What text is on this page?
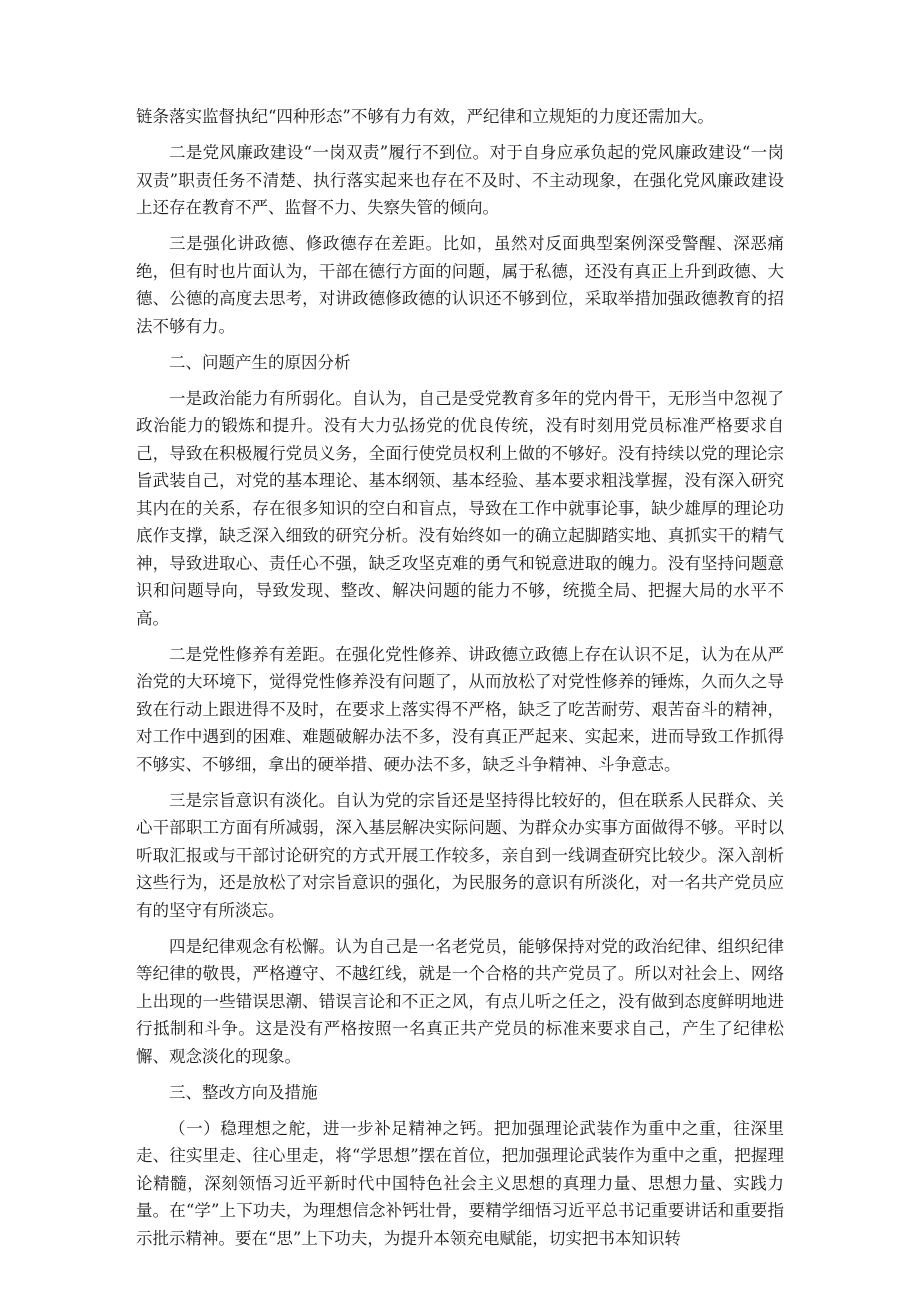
链条落实监督执纪“四种形态”不够有力有效，严纪律和立规矩的力度还需加大。

二是党风廉政建设“一岗双责”履行不到位。对于自身应承负起的党风廉政建设“一岗双责”职责任务不清楚、执行落实起来也存在不及时、不主动现象，在强化党风廉政建设上还存在教育不严、监督不力、失察失管的倾向。

三是强化讲政德、修政德存在差距。比如，虽然对反面典型案例深受警醒、深恶痛绝，但有时也片面认为，干部在德行方面的问题，属于私德，还没有真正上升到政德、大德、公德的高度去思考，对讲政德修政德的认识还不够到位，采取举措加强政德教育的招法不够有力。

二、问题产生的原因分析

一是政治能力有所弱化。自认为，自己是受党教育多年的党内骨干，无形当中忽视了政治能力的锻炼和提升。没有大力弘扬党的优良传统，没有时刻用党员标准严格要求自己，导致在积极履行党员义务，全面行使党员权利上做的不够好。没有持续以党的理论宗旨武装自己，对党的基本理论、基本纲领、基本经验、基本要求粗浅掌握，没有深入研究其内在的关系，存在很多知识的空白和盲点，导致在工作中就事论事，缺少雄厚的理论功底作支撑，缺乏深入细致的研究分析。没有始终如一的确立起脚踏实地、真抓实干的精气神，导致进取心、责任心不强，缺乏攻坚克难的勇气和锐意进取的魄力。没有坚持问题意识和问题导向，导致发现、整改、解决问题的能力不够，统揽全局、把握大局的水平不高。

二是党性修养有差距。在强化党性修养、讲政德立政德上存在认识不足，认为在从严治党的大环境下，觉得党性修养没有问题了，从而放松了对党性修养的锤炼，久而久之导致在行动上跟进得不及时，在要求上落实得不严格，缺乏了吃苦耐劳、艰苦奋斗的精神，对工作中遇到的困难、难题破解办法不多，没有真正严起来、实起来，进而导致工作抓得不够实、不够细，拿出的硬举措、硬办法不多，缺乏斗争精神、斗争意志。

三是宗旨意识有淡化。自认为党的宗旨还是坚持得比较好的，但在联系人民群众、关心干部职工方面有所减弱，深入基层解决实际问题、为群众办实事方面做得不够。平时以听取汇报或与干部讨论研究的方式开展工作较多，亲自到一线调查研究比较少。深入剖析这些行为，还是放松了对宗旨意识的强化，为民服务的意识有所淡化，对一名共产党员应有的坚守有所淡忘。

四是纪律观念有松懈。认为自己是一名老党员，能够保持对党的政治纪律、组织纪律等纪律的敬畏，严格遵守、不越红线，就是一个合格的共产党员了。所以对社会上、网络上出现的一些错误思潮、错误言论和不正之风，有点儿听之任之，没有做到态度鲜明地进行抵制和斗争。这是没有严格按照一名真正共产党员的标准来要求自己，产生了纪律松懈、观念淡化的现象。

三、整改方向及措施

（一）稳理想之舵，进一步补足精神之钙。把加强理论武装作为重中之重，往深里走、往实里走、往心里走，将“学思想”摆在首位，把加强理论武装作为重中之重，把握理论精髓，深刻领悟习近平新时代中国特色社会主义思想的真理力量、思想力量、实践力量。在“学”上下功夫，为理想信念补钙壮骨，要精学细悟习近平总书记重要讲话和重要指示批示精神。要在“思”上下功夫，为提升本领充电赋能，切实把书本知识转
